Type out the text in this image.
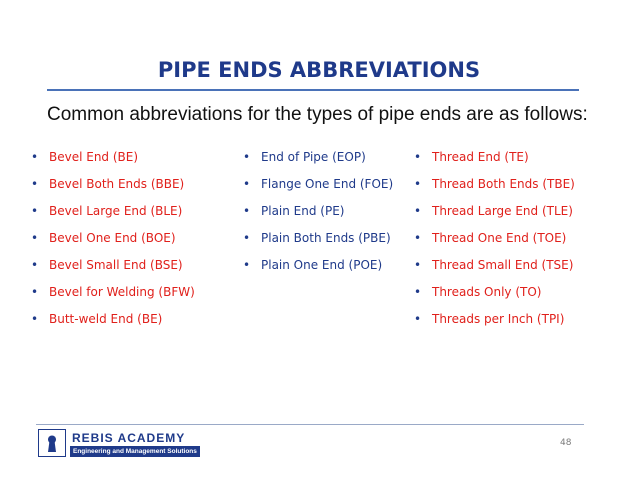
PIPE ENDS ABBREVIATIONS
Common abbreviations for the types of pipe ends are as follows:
• Bevel End (BE)
• Bevel Both Ends (BBE)
• Bevel Large End (BLE)
• Bevel One End (BOE)
• Bevel Small End (BSE)
• Bevel for Welding (BFW)
• Butt-weld End (BE)
• End of Pipe (EOP)
• Flange One End (FOE)
• Plain End (PE)
• Plain Both Ends (PBE)
• Plain One End (POE)
• Thread End (TE)
• Thread Both Ends (TBE)
• Thread Large End (TLE)
• Thread One End (TOE)
• Thread Small End (TSE)
• Threads Only (TO)
• Threads per Inch (TPI)
REBIS ACADEMY
Engineering and Management Solutions
48
